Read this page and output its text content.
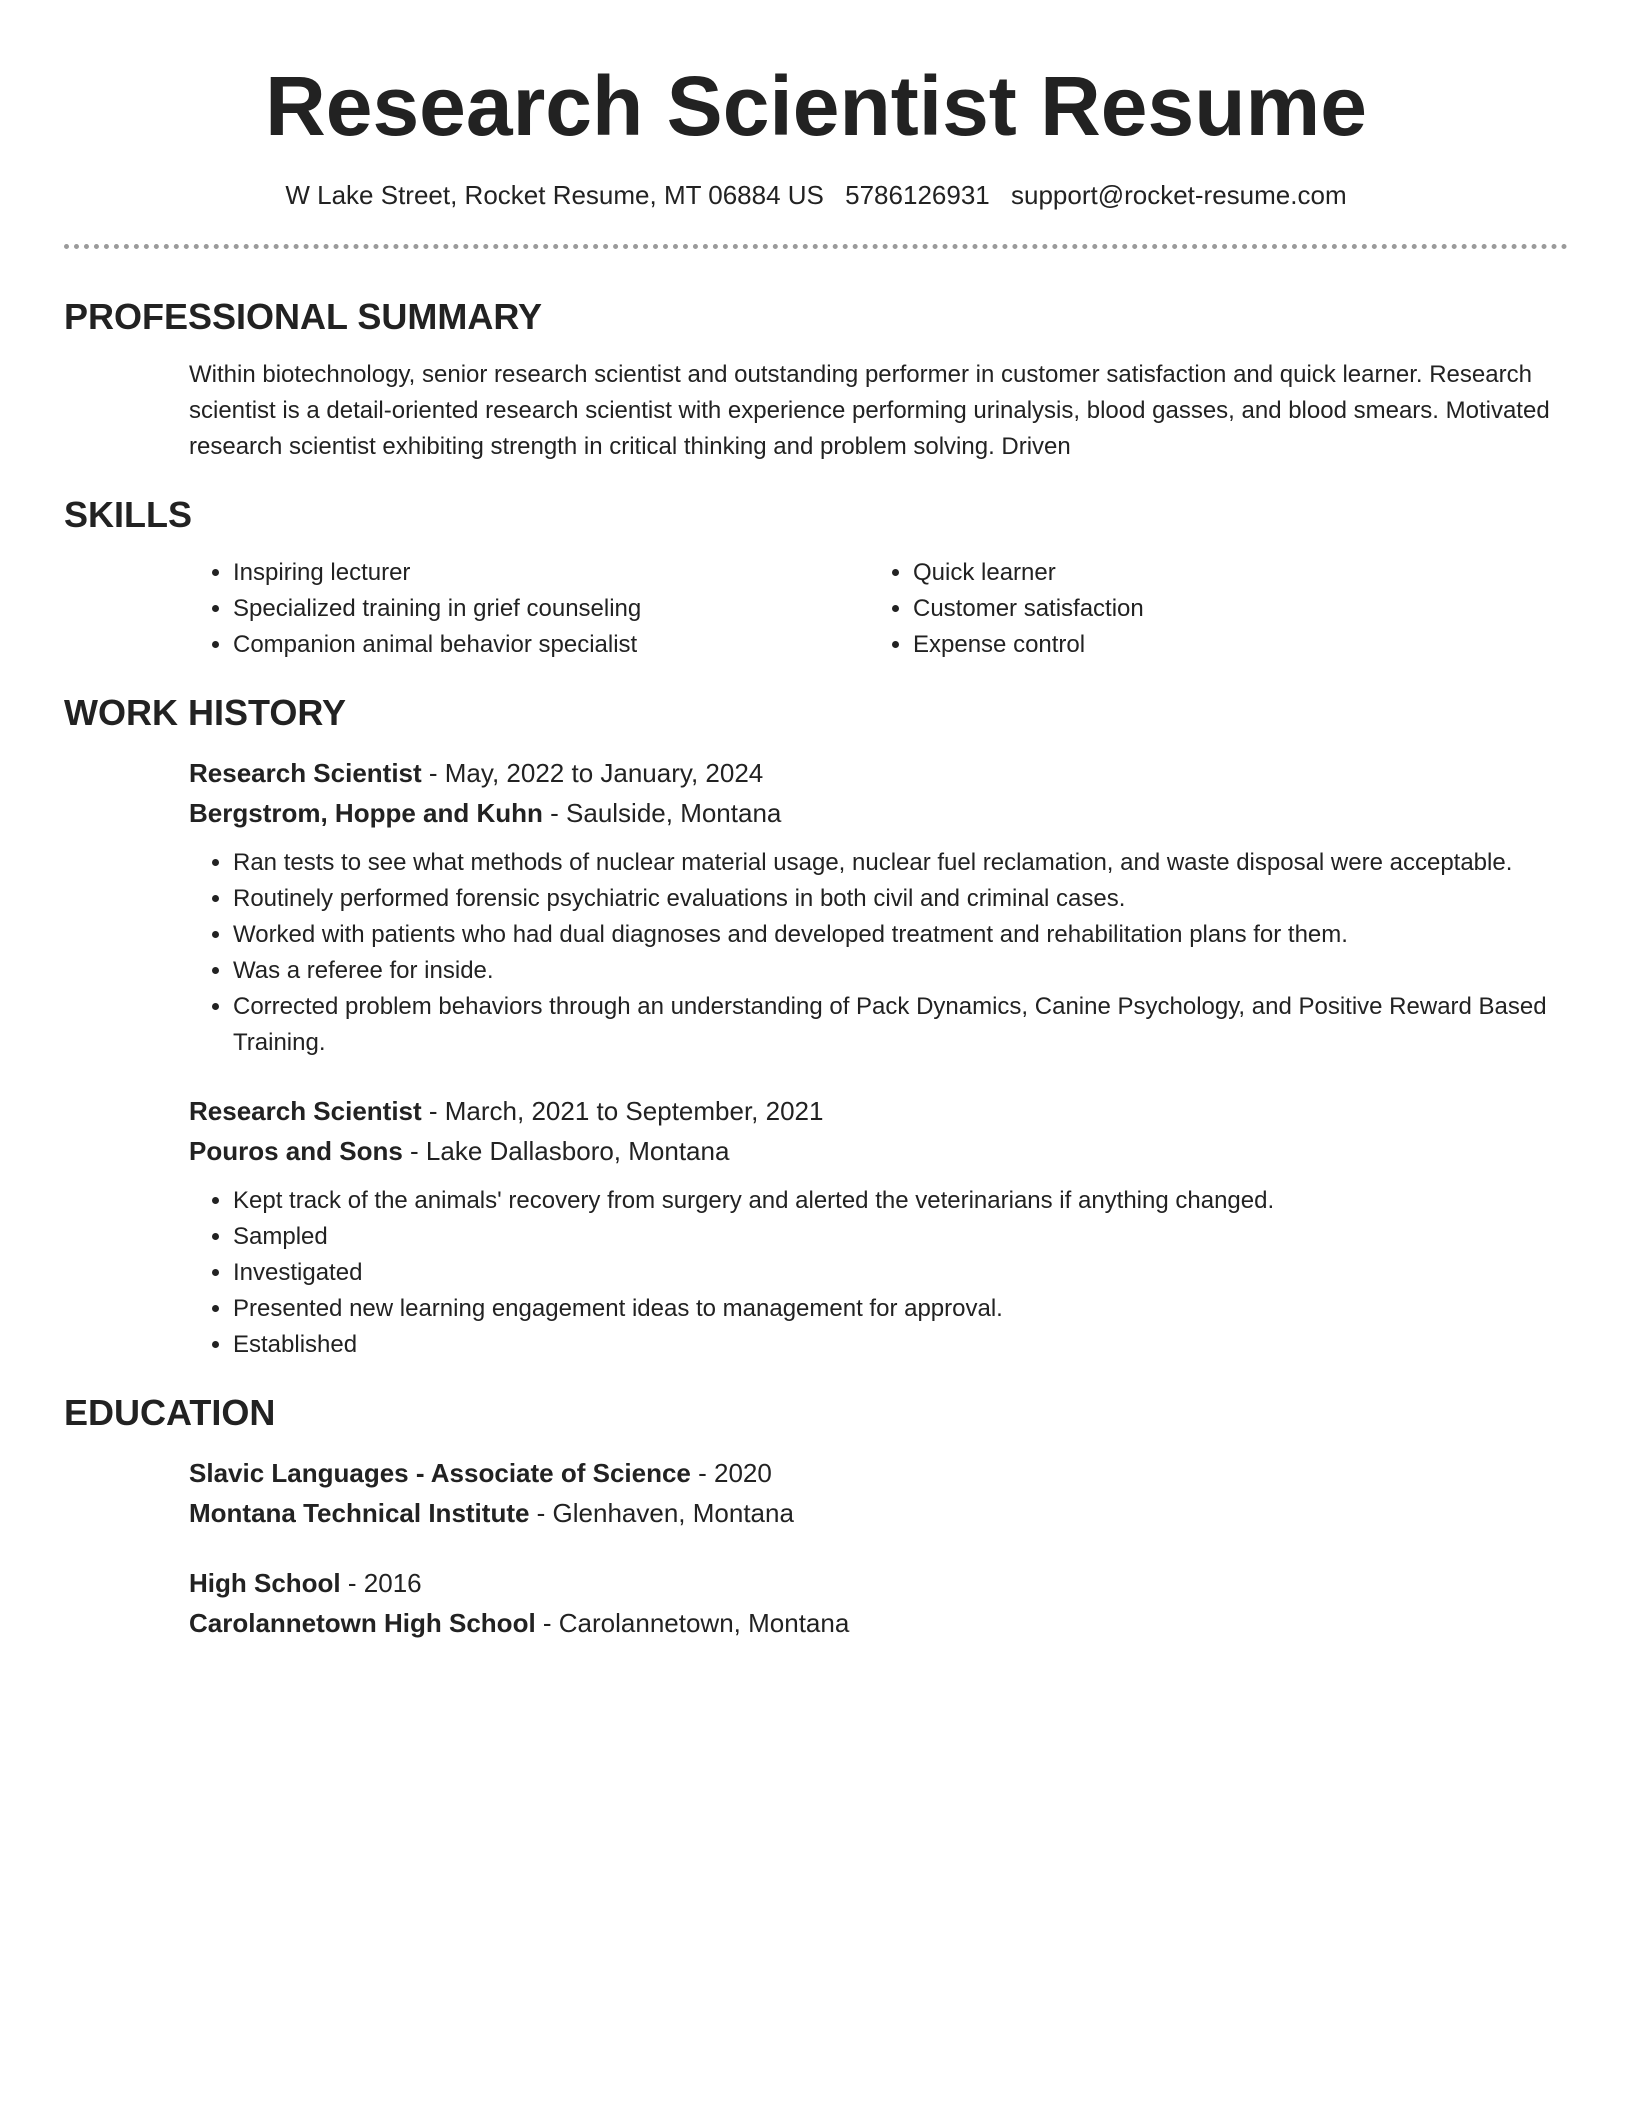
Research Scientist Resume
W Lake Street, Rocket Resume, MT 06884 US 5786126931 support@rocket-resume.com
PROFESSIONAL SUMMARY
Within biotechnology, senior research scientist and outstanding performer in customer satisfaction and quick learner. Research scientist is a detail-oriented research scientist with experience performing urinalysis, blood gasses, and blood smears. Motivated research scientist exhibiting strength in critical thinking and problem solving. Driven
SKILLS
• Inspiring lecturer
• Specialized training in grief counseling
• Companion animal behavior specialist
• Quick learner
• Customer satisfaction
• Expense control
WORK HISTORY
Research Scientist - May, 2022 to January, 2024
Bergstrom, Hoppe and Kuhn - Saulside, Montana
• Ran tests to see what methods of nuclear material usage, nuclear fuel reclamation, and waste disposal were acceptable.
• Routinely performed forensic psychiatric evaluations in both civil and criminal cases.
• Worked with patients who had dual diagnoses and developed treatment and rehabilitation plans for them.
• Was a referee for inside.
• Corrected problem behaviors through an understanding of Pack Dynamics, Canine Psychology, and Positive Reward Based Training.
Research Scientist - March, 2021 to September, 2021
Pouros and Sons - Lake Dallasboro, Montana
• Kept track of the animals' recovery from surgery and alerted the veterinarians if anything changed.
• Sampled
• Investigated
• Presented new learning engagement ideas to management for approval.
• Established
EDUCATION
Slavic Languages - Associate of Science - 2020
Montana Technical Institute - Glenhaven, Montana
High School - 2016
Carolannetown High School - Carolannetown, Montana
